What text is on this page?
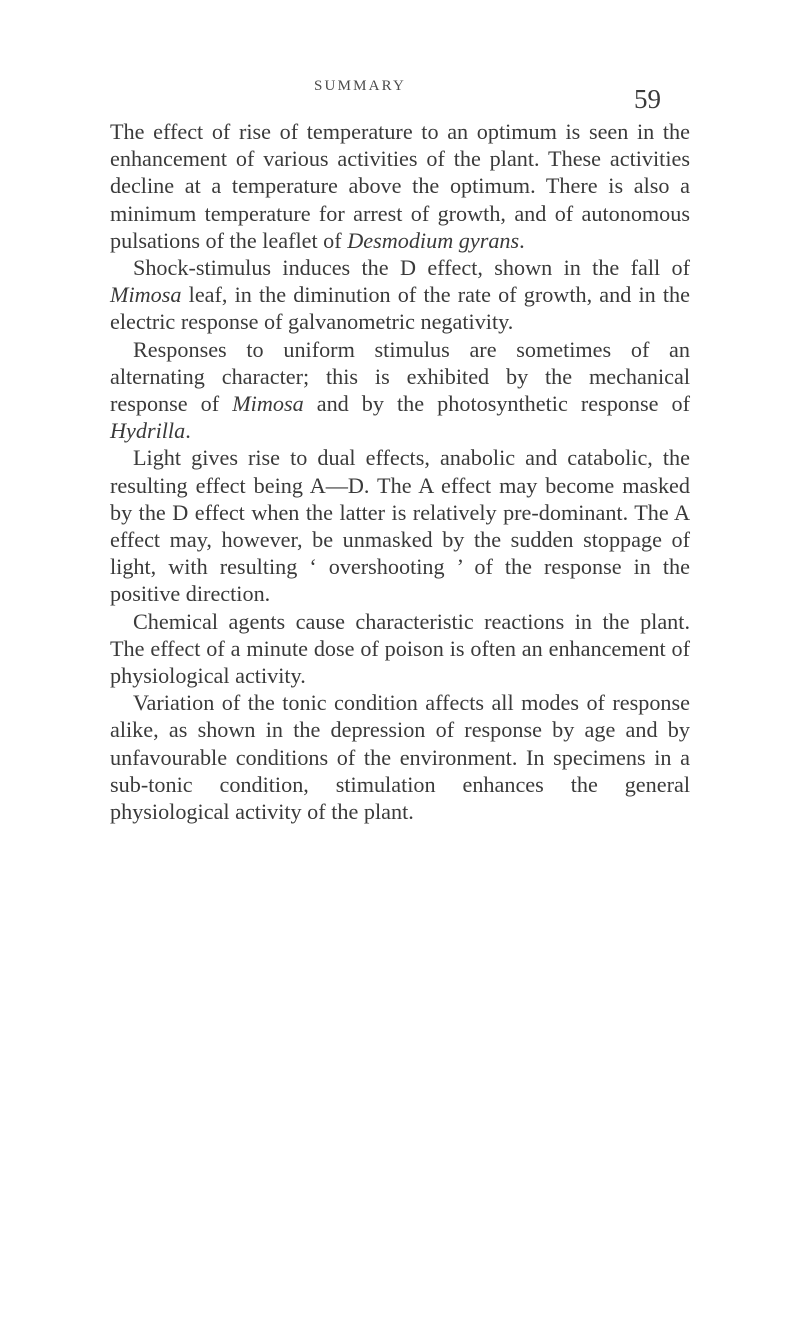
SUMMARY	59

The effect of rise of temperature to an optimum is seen in the enhancement of various activities of the plant. These activities decline at a temperature above the optimum. There is also a minimum temperature for arrest of growth, and of autonomous pulsations of the leaflet of Desmodium gyrans.

Shock-stimulus induces the D effect, shown in the fall of Mimosa leaf, in the diminution of the rate of growth, and in the electric response of galvanometric negativity.

Responses to uniform stimulus are sometimes of an alternating character; this is exhibited by the mechanical response of Mimosa and by the photosynthetic response of Hydrilla.

Light gives rise to dual effects, anabolic and catabolic, the resulting effect being A—D. The A effect may become masked by the D effect when the latter is relatively pre-dominant. The A effect may, however, be unmasked by the sudden stoppage of light, with resulting ‘ overshooting ’ of the response in the positive direction.

Chemical agents cause characteristic reactions in the plant. The effect of a minute dose of poison is often an enhancement of physiological activity.

Variation of the tonic condition affects all modes of response alike, as shown in the depression of response by age and by unfavourable conditions of the environment. In specimens in a sub-tonic condition, stimulation enhances the general physiological activity of the plant.
